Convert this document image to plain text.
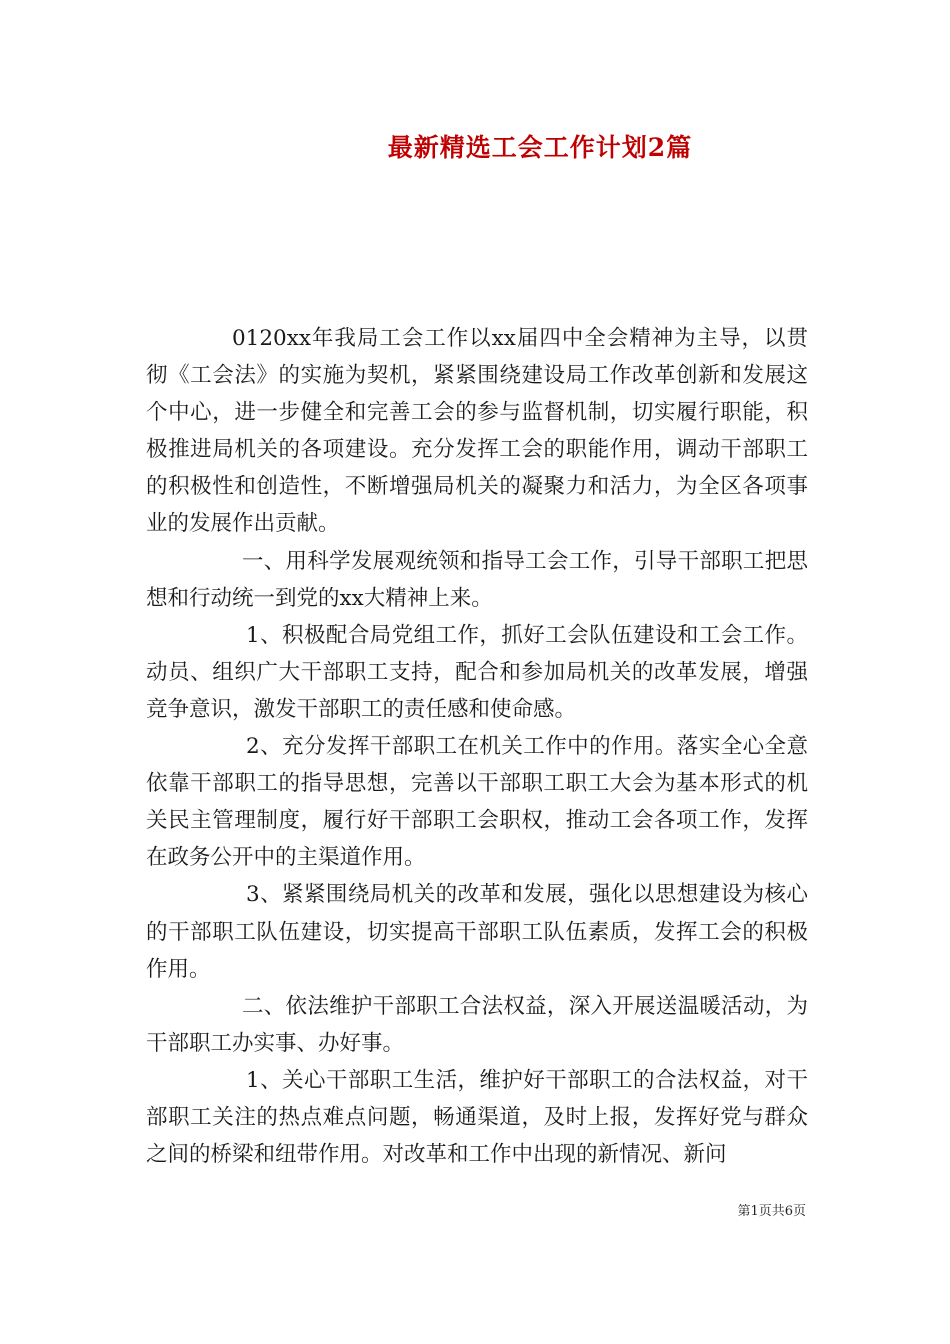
最新精选工会工作计划2篇

0120xx年我局工会工作以xx届四中全会精神为主导，以贯彻《工会法》的实施为契机，紧紧围绕建设局工作改革创新和发展这个中心，进一步健全和完善工会的参与监督机制，切实履行职能，积极推进局机关的各项建设。充分发挥工会的职能作用，调动干部职工的积极性和创造性，不断增强局机关的凝聚力和活力，为全区各项事业的发展作出贡献。

一、用科学发展观统领和指导工会工作，引导干部职工把思想和行动统一到党的xx大精神上来。

1、积极配合局党组工作，抓好工会队伍建设和工会工作。动员、组织广大干部职工支持，配合和参加局机关的改革发展，增强竞争意识，激发干部职工的责任感和使命感。

2、充分发挥干部职工在机关工作中的作用。落实全心全意依靠干部职工的指导思想，完善以干部职工职工大会为基本形式的机关民主管理制度，履行好干部职工会职权，推动工会各项工作，发挥在政务公开中的主渠道作用。

3、紧紧围绕局机关的改革和发展，强化以思想建设为核心的干部职工队伍建设，切实提高干部职工队伍素质，发挥工会的积极作用。

二、依法维护干部职工合法权益，深入开展送温暖活动，为干部职工办实事、办好事。

1、关心干部职工生活，维护好干部职工的合法权益，对干部职工关注的热点难点问题，畅通渠道，及时上报，发挥好党与群众之间的桥梁和纽带作用。对改革和工作中出现的新情况、新问

第1页共6页
